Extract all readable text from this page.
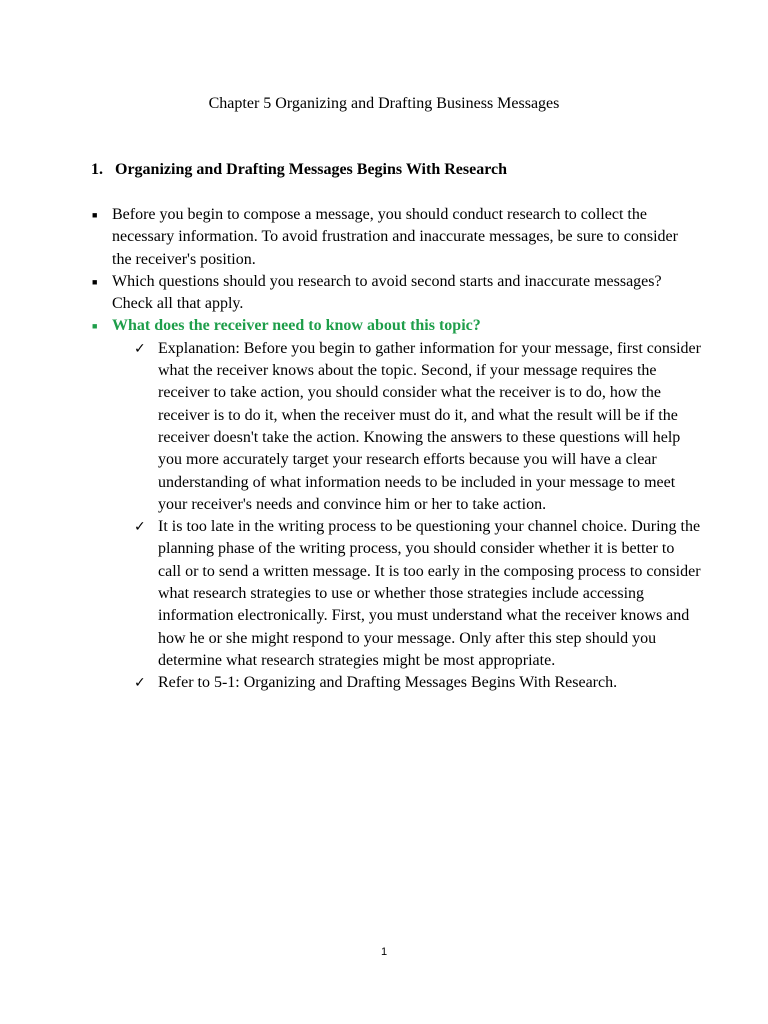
Chapter 5 Organizing and Drafting Business Messages
1. Organizing and Drafting Messages Begins With Research
■ Before you begin to compose a message, you should conduct research to collect the necessary information. To avoid frustration and inaccurate messages, be sure to consider the receiver's position.
■ Which questions should you research to avoid second starts and inaccurate messages? Check all that apply.
■ What does the receiver need to know about this topic?
✓ Explanation: Before you begin to gather information for your message, first consider what the receiver knows about the topic. Second, if your message requires the receiver to take action, you should consider what the receiver is to do, how the receiver is to do it, when the receiver must do it, and what the result will be if the receiver doesn't take the action. Knowing the answers to these questions will help you more accurately target your research efforts because you will have a clear understanding of what information needs to be included in your message to meet your receiver's needs and convince him or her to take action.
✓ It is too late in the writing process to be questioning your channel choice. During the planning phase of the writing process, you should consider whether it is better to call or to send a written message. It is too early in the composing process to consider what research strategies to use or whether those strategies include accessing information electronically. First, you must understand what the receiver knows and how he or she might respond to your message. Only after this step should you determine what research strategies might be most appropriate.
✓ Refer to 5-1: Organizing and Drafting Messages Begins With Research.
1
